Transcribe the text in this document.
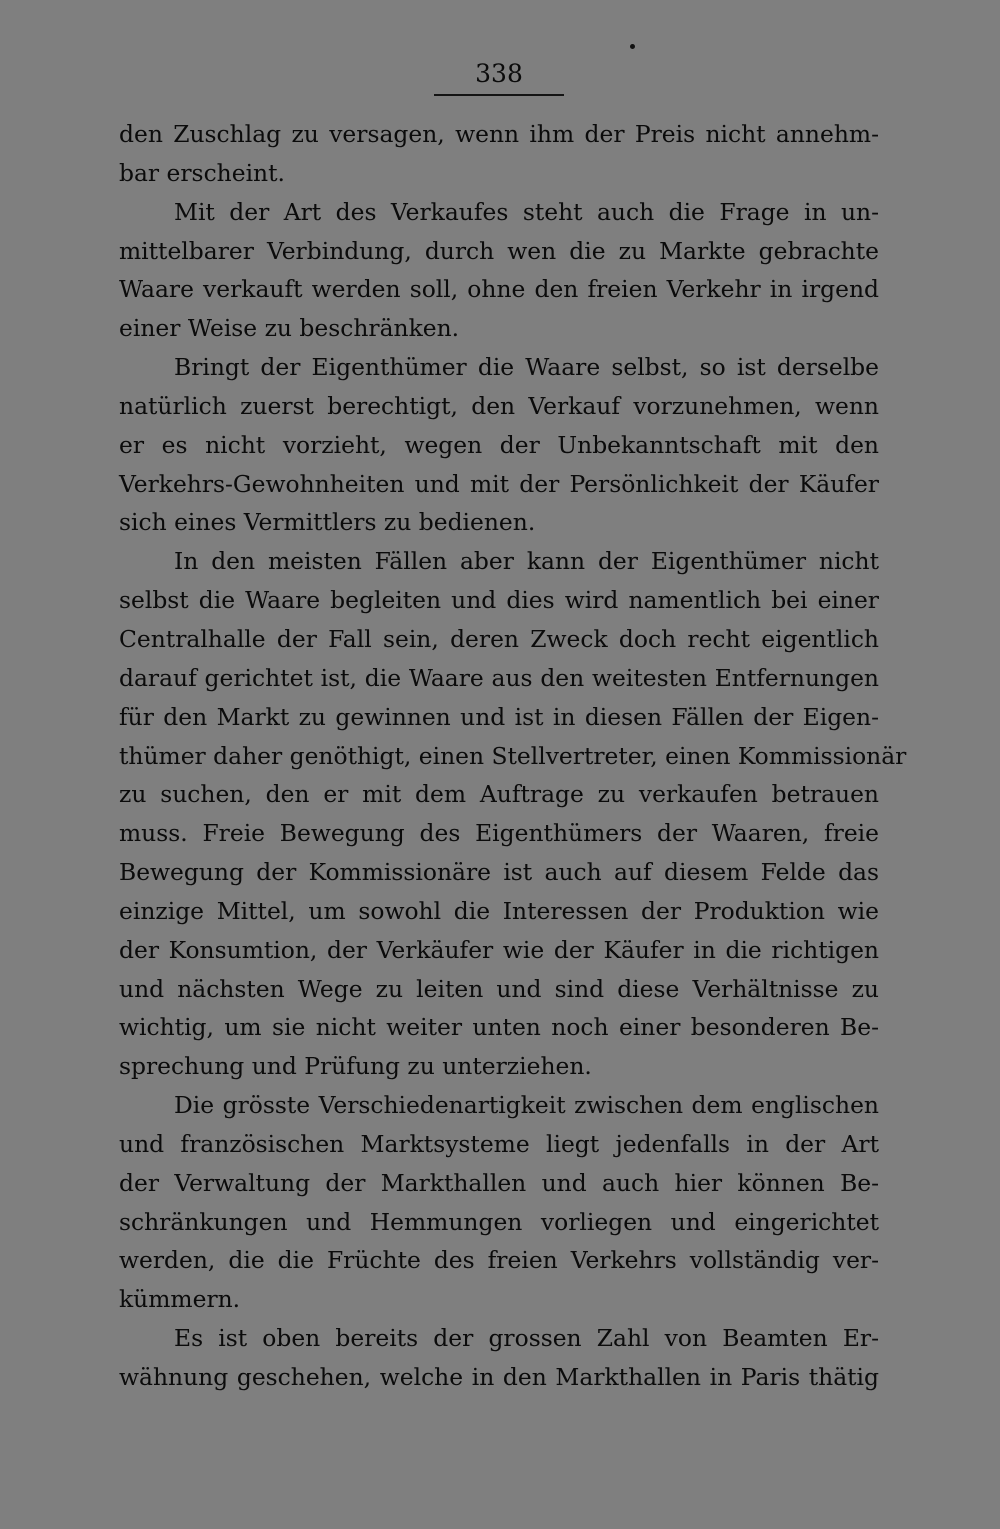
338
den Zuschlag zu versagen, wenn ihm der Preis nicht annehm-
bar erscheint.
Mit der Art des Verkaufes steht auch die Frage in un-
mittelbarer Verbindung, durch wen die zu Markte gebrachte
Waare verkauft werden soll, ohne den freien Verkehr in irgend
einer Weise zu beschränken.
Bringt der Eigenthümer die Waare selbst, so ist derselbe
natürlich zuerst berechtigt, den Verkauf vorzunehmen, wenn
er es nicht vorzieht, wegen der Unbekanntschaft mit den
Verkehrs-Gewohnheiten und mit der Persönlichkeit der Käufer
sich eines Vermittlers zu bedienen.
In den meisten Fällen aber kann der Eigenthümer nicht
selbst die Waare begleiten und dies wird namentlich bei einer
Centralhalle der Fall sein, deren Zweck doch recht eigentlich
darauf gerichtet ist, die Waare aus den weitesten Entfernungen
für den Markt zu gewinnen und ist in diesen Fällen der Eigen-
thümer daher genöthigt, einen Stellvertreter, einen Kommissionär
zu suchen, den er mit dem Auftrage zu verkaufen betrauen
muss. Freie Bewegung des Eigenthümers der Waaren, freie
Bewegung der Kommissionäre ist auch auf diesem Felde das
einzige Mittel, um sowohl die Interessen der Produktion wie
der Konsumtion, der Verkäufer wie der Käufer in die richtigen
und nächsten Wege zu leiten und sind diese Verhältnisse zu
wichtig, um sie nicht weiter unten noch einer besonderen Be-
sprechung und Prüfung zu unterziehen.
Die grösste Verschiedenartigkeit zwischen dem englischen
und französischen Marktsysteme liegt jedenfalls in der Art
der Verwaltung der Markthallen und auch hier können Be-
schränkungen und Hemmungen vorliegen und eingerichtet
werden, die die Früchte des freien Verkehrs vollständig ver-
kümmern.
Es ist oben bereits der grossen Zahl von Beamten Er-
wähnung geschehen, welche in den Markthallen in Paris thätig
